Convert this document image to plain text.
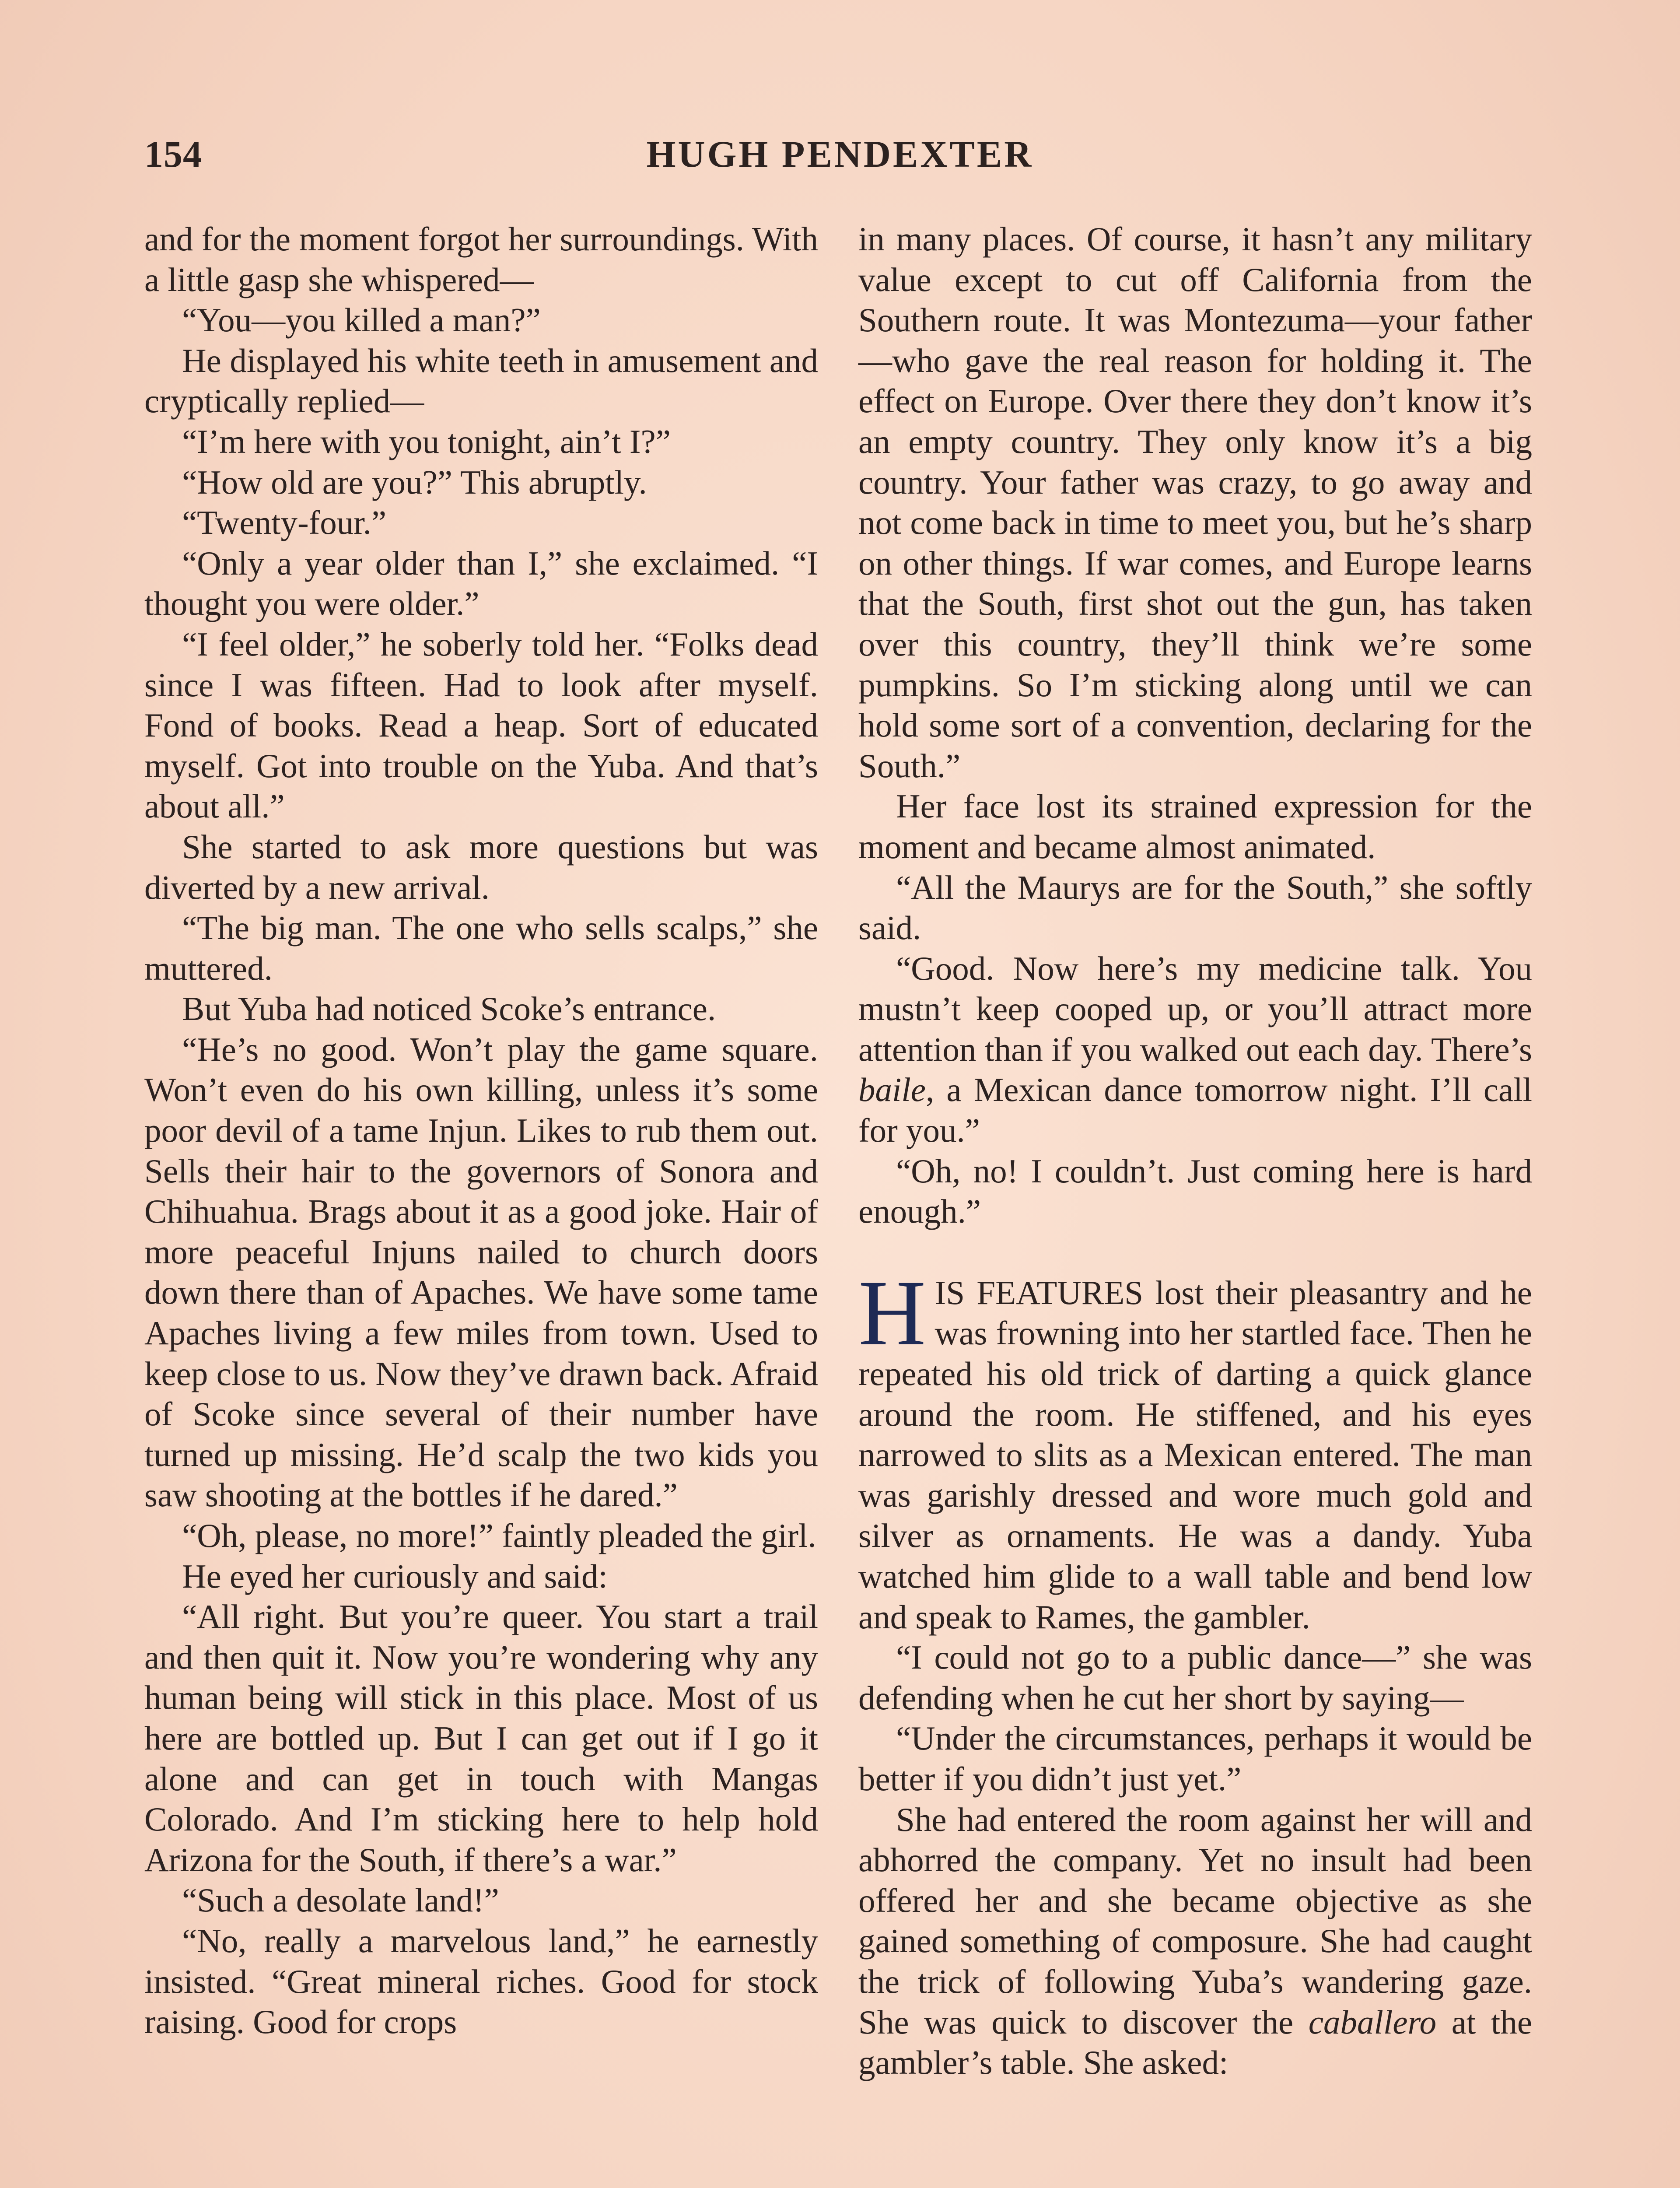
154	HUGH PENDEXTER

and for the moment forgot her surroundings. With a little gasp she whispered—

“You—you killed a man?”

He displayed his white teeth in amusement and cryptically replied—

“I’m here with you tonight, ain’t I?”

“How old are you?” This abruptly.

“Twenty-four.”

“Only a year older than I,” she exclaimed. “I thought you were older.”

“I feel older,” he soberly told her. “Folks dead since I was fifteen. Had to look after myself. Fond of books. Read a heap. Sort of educated myself. Got into trouble on the Yuba. And that’s about all.”

She started to ask more questions but was diverted by a new arrival.

“The big man. The one who sells scalps,” she muttered.

But Yuba had noticed Scoke’s entrance.

“He’s no good. Won’t play the game square. Won’t even do his own killing, unless it’s some poor devil of a tame Injun. Likes to rub them out. Sells their hair to the governors of Sonora and Chihuahua. Brags about it as a good joke. Hair of more peaceful Injuns nailed to church doors down there than of Apaches. We have some tame Apaches living a few miles from town. Used to keep close to us. Now they’ve drawn back. Afraid of Scoke since several of their number have turned up missing. He’d scalp the two kids you saw shooting at the bottles if he dared.”

“Oh, please, no more!” faintly pleaded the girl.

He eyed her curiously and said:

“All right. But you’re queer. You start a trail and then quit it. Now you’re wondering why any human being will stick in this place. Most of us here are bottled up. But I can get out if I go it alone and can get in touch with Mangas Colorado. And I’m sticking here to help hold Arizona for the South, if there’s a war.”

“Such a desolate land!”

“No, really a marvelous land,” he earnestly insisted. “Great mineral riches. Good for stock raising. Good for crops

in many places. Of course, it hasn’t any military value except to cut off California from the Southern route. It was Montezuma—your father—who gave the real reason for holding it. The effect on Europe. Over there they don’t know it’s an empty country. They only know it’s a big country. Your father was crazy, to go away and not come back in time to meet you, but he’s sharp on other things. If war comes, and Europe learns that the South, first shot out the gun, has taken over this country, they’ll think we’re some pumpkins. So I’m sticking along until we can hold some sort of a convention, declaring for the South.”

Her face lost its strained expression for the moment and became almost animated.

“All the Maurys are for the South,” she softly said.

“Good. Now here’s my medicine talk. You mustn’t keep cooped up, or you’ll attract more attention than if you walked out each day. There’s baile, a Mexican dance tomorrow night. I’ll call for you.”

“Oh, no! I couldn’t. Just coming here is hard enough.”

HIS FEATURES lost their pleasantry and he was frowning into her startled face. Then he repeated his old trick of darting a quick glance around the room. He stiffened, and his eyes narrowed to slits as a Mexican entered. The man was garishly dressed and wore much gold and silver as ornaments. He was a dandy. Yuba watched him glide to a wall table and bend low and speak to Rames, the gambler.

“I could not go to a public dance—” she was defending when he cut her short by saying—

“Under the circumstances, perhaps it would be better if you didn’t just yet.”

She had entered the room against her will and abhorred the company. Yet no insult had been offered her and she became objective as she gained something of composure. She had caught the trick of following Yuba’s wandering gaze. She was quick to discover the caballero at the gambler’s table. She asked:
